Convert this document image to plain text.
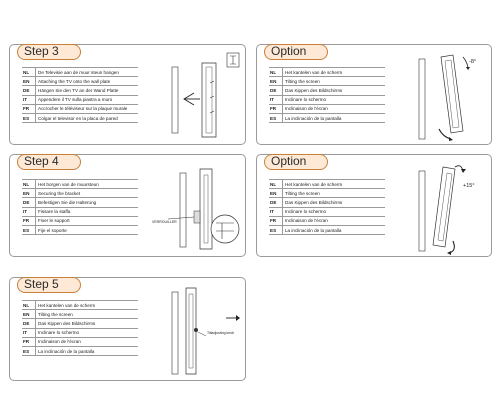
Step 3
NL	De Televisie aan de muur steun hangen
EN	Attaching the TV onto the wall plate
DE	Hängen Sie den TV an der Wand Platte
IT	Appendere il TV sulla piastra a muro
FR	Accrocher le téléviseur sur la plaque murale
ES	Colgar el televisor en la placa de pared
Option
NL	Het kantelen van de scherm
EN	Tilting the screen
DE	Das Kippen des Bildschirms
IT	Inclinare lo schermo
FR	Inclinaison de l'écran
ES	La inclinación de la pantalla
-8°
Step 4
NL	Het borgen van de muursteun
EN	Securing the bracket
DE	Befestigen Sie die Halterung
IT	Fissare la staffa
FR	Fixer le support
ES	Fije el soporte
VERROUILLER
Option
NL	Het kantelen van de scherm
EN	Tilting the screen
DE	Das Kippen des Bildschirms
IT	Inclinare lo schermo
FR	Inclinaison de l'écran
ES	La inclinación de la pantalla
+15°
Step 5
NL	Het kantelen van de scherm
EN	Tilting the screen
DE	Das Kippen des Bildschirms
IT	Inclinare lo schermo
FR	Inclinaison de l'écran
ES	La inclinación de la pantalla
Tiltadjusting knob
